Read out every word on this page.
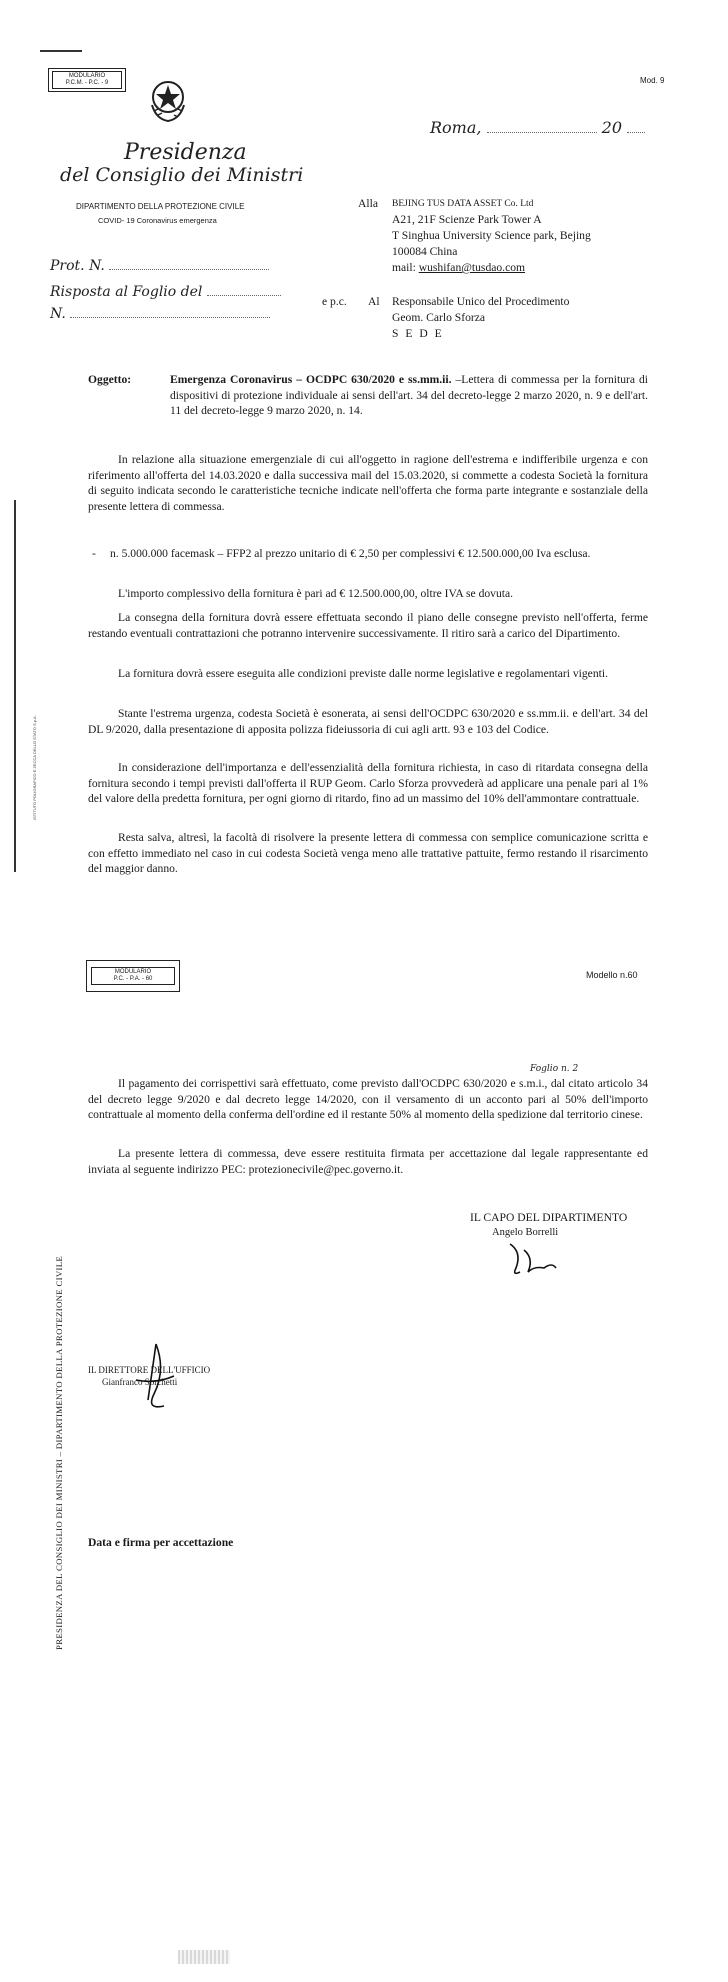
MODULARIO
P.C.M. - P.C. - 9	Mod. 9
Presidenza
del Consiglio dei Ministri
DIPARTIMENTO DELLA PROTEZIONE CIVILE
COVID- 19 Coronavirus emergenza
Roma,	20
Prot. N.
Risposta al Foglio del
N.
Alla BEJING TUS DATA ASSET Co. Ltd
A21, 21F Scienze Park Tower A
T Singhua University Science park, Bejing
100084 China
mail: wushifan@tusdao.com
e p.c. Al Responsabile Unico del Procedimento
Geom. Carlo Sforza
S E D E
Oggetto:	Emergenza Coronavirus – OCDPC 630/2020 e ss.mm.ii. –Lettera di commessa per la fornitura di dispositivi di protezione individuale ai sensi dell'art. 34 del decreto-legge 2 marzo 2020, n. 9 e dell'art. 11 del decreto-legge 9 marzo 2020, n. 14.
In relazione alla situazione emergenziale di cui all'oggetto in ragione dell'estrema e indifferibile urgenza e con riferimento all'offerta del 14.03.2020 e dalla successiva mail del 15.03.2020, si commette a codesta Società la fornitura di seguito indicata secondo le caratteristiche tecniche indicate nell'offerta che forma parte integrante e sostanziale della presente lettera di commessa.
- n. 5.000.000 facemask – FFP2 al prezzo unitario di € 2,50 per complessivi € 12.500.000,00 Iva esclusa.
L'importo complessivo della fornitura è pari ad € 12.500.000,00, oltre IVA se dovuta.
La consegna della fornitura dovrà essere effettuata secondo il piano delle consegne previsto nell'offerta, ferme restando eventuali contrattazioni che potranno intervenire successivamente. Il ritiro sarà a carico del Dipartimento.
La fornitura dovrà essere eseguita alle condizioni previste dalle norme legislative e regolamentari vigenti.
Stante l'estrema urgenza, codesta Società è esonerata, ai sensi dell'OCDPC 630/2020 e ss.mm.ii. e dell'art. 34 del DL 9/2020, dalla presentazione di apposita polizza fideiussoria di cui agli artt. 93 e 103 del Codice.
In considerazione dell'importanza e dell'essenzialità della fornitura richiesta, in caso di ritardata consegna della fornitura secondo i tempi previsti dall'offerta il RUP Geom. Carlo Sforza provvederà ad applicare una penale pari al 1% del valore della predetta fornitura, per ogni giorno di ritardo, fino ad un massimo del 10% dell'ammontare contrattuale.
Resta salva, altresì, la facoltà di risolvere la presente lettera di commessa con semplice comunicazione scritta e con effetto immediato nel caso in cui codesta Società venga meno alle trattative pattuite, fermo restando il risarcimento del maggior danno.
ISTITUTO POLIGRAFICO E ZECCA DELLO STATO S.p.A.
MODULARIO
P.C. - P.A. - 60	Modello n.60
Foglio n. 2
Il pagamento dei corrispettivi sarà effettuato, come previsto dall'OCDPC 630/2020 e s.m.i., dal citato articolo 34 del decreto legge 9/2020 e dal decreto legge 14/2020, con il versamento di un acconto pari al 50% dell'importo contrattuale al momento della conferma dell'ordine ed il restante 50% al momento della spedizione dal territorio cinese.
La presente lettera di commessa, deve essere restituita firmata per accettazione dal legale rappresentante ed inviata al seguente indirizzo PEC: protezionecivile@pec.governo.it.
IL CAPO DEL DIPARTIMENTO
Angelo Borrelli
IL DIRETTORE DELL'UFFICIO
Gianfranco Sorchetti
Data e firma per accettazione
PRESIDENZA DEL CONSIGLIO DEI MINISTRI – DIPARTIMENTO DELLA PROTEZIONE CIVILE
